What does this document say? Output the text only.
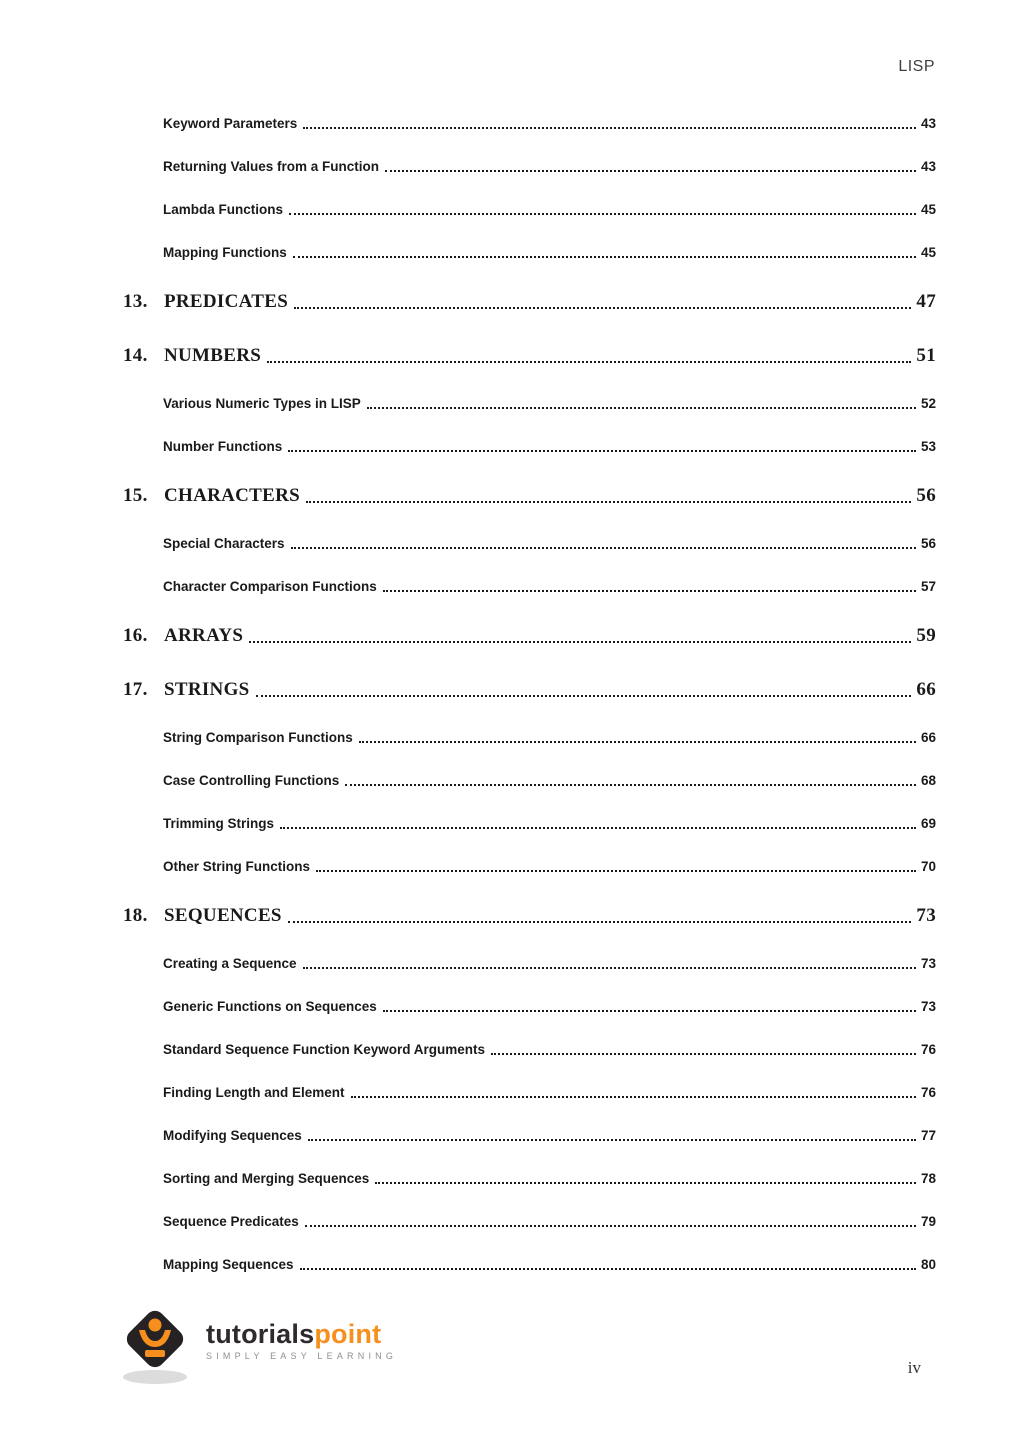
LISP
Keyword Parameters	43
Returning Values from a Function	43
Lambda Functions	45
Mapping Functions	45
13. PREDICATES	47
14. NUMBERS	51
Various Numeric Types in LISP	52
Number Functions	53
15. CHARACTERS	56
Special Characters	56
Character Comparison Functions	57
16. ARRAYS	59
17. STRINGS	66
String Comparison Functions	66
Case Controlling Functions	68
Trimming Strings	69
Other String Functions	70
18. SEQUENCES	73
Creating a Sequence	73
Generic Functions on Sequences	73
Standard Sequence Function Keyword Arguments	76
Finding Length and Element	76
Modifying Sequences	77
Sorting and Merging Sequences	78
Sequence Predicates	79
Mapping Sequences	80
tutorialspoint
SIMPLY EASY LEARNING
iv
